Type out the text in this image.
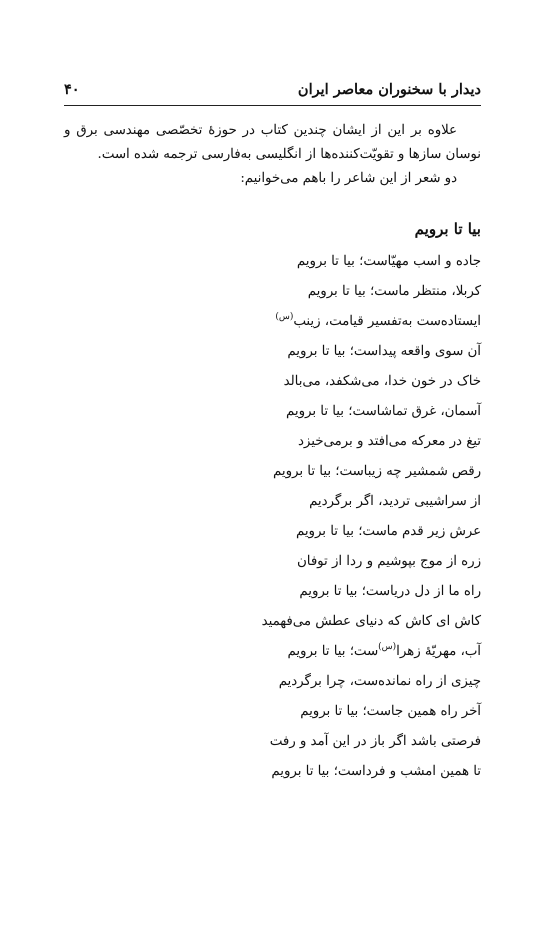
دیدار با سخنوران معاصر ایران
۴۰

علاوه بر این از ایشان چندین کتاب در حوزهٔ تخصّصی مهندسی برق و نوسان سازها و تقویّت‌کننده‌ها از انگلیسی به‌فارسی ترجمه شده است.

دو شعر از این شاعر را باهم می‌خوانیم:

بیا تا برویم
جاده و اسب مهیّاست؛ بیا تا برویم
کربلا، منتظر ماست؛ بیا تا برویم
ایستاده‌ست به‌تفسیر قیامت، زینب$^{(س)}$
آن سوی واقعه پیداست؛ بیا تا برویم
خاک در خون خدا، می‌شکفد، می‌بالد
آسمان، غرق تماشاست؛ بیا تا برویم
تیغ در معرکه می‌افتد و برمی‌خیزد
رقص شمشیر چه زیباست؛ بیا تا برویم
از سراشیبی تردید، اگر برگردیم
عرش زیر قدم ماست؛ بیا تا برویم
زره از موج بپوشیم و ردا از توفان
راه ما از دل دریاست؛ بیا تا برویم
کاش ای کاش که دنیای عطش می‌فهمید
آب، مهریّهٔ زهرا$^{(س)}$ست؛ بیا تا برویم
چیزی از راه نمانده‌ست، چرا برگردیم
آخر راه همین جاست؛ بیا تا برویم
فرصتی باشد اگر باز در این آمد و رفت
تا همین امشب و فرداست؛ بیا تا برویم
